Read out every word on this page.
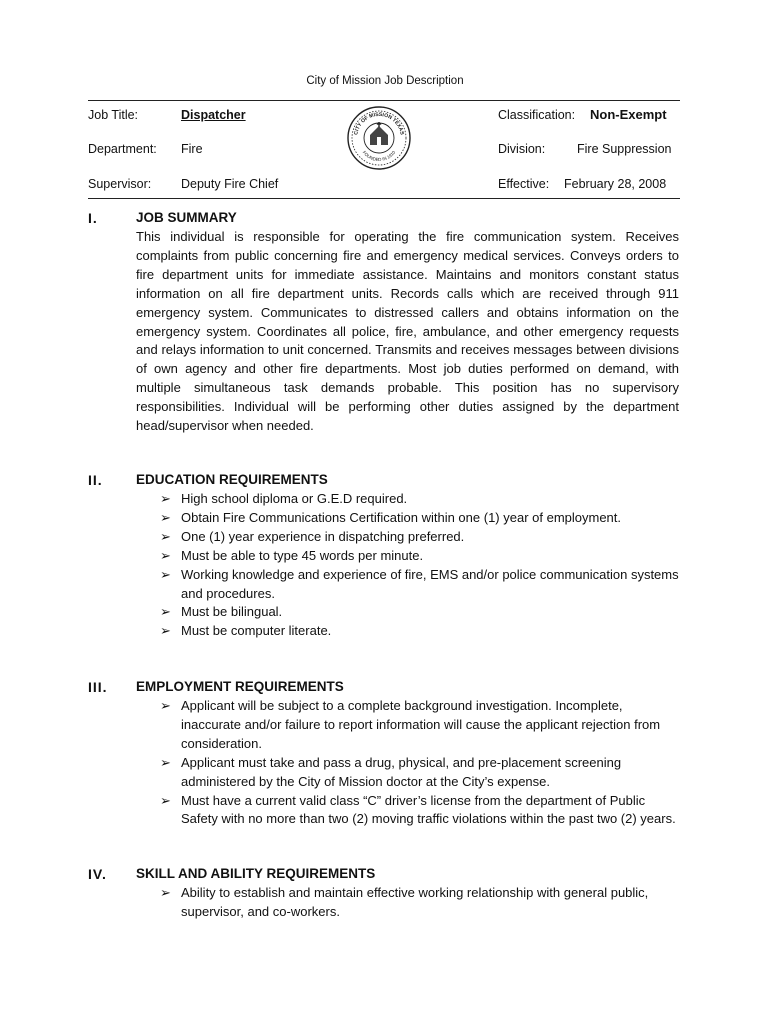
City of Mission Job Description
Job Title:	Dispatcher	Classification: Non-Exempt
Department: Fire	Division:	Fire Suppression
Supervisor: Deputy Fire Chief	Effective: February 28, 2008
CITY OF MISSION TEXAS
FOUNDED IN 1910
I.	JOB SUMMARY
This individual is responsible for operating the fire communication system. Receives complaints from public concerning fire and emergency medical services. Conveys orders to fire department units for immediate assistance. Maintains and monitors constant status information on all fire department units. Records calls which are received through 911 emergency system. Communicates to distressed callers and obtains information on the emergency system. Coordinates all police, fire, ambulance, and other emergency requests and relays information to unit concerned. Transmits and receives messages between divisions of own agency and other fire departments. Most job duties performed on demand, with multiple simultaneous task demands probable. This position has no supervisory responsibilities. Individual will be performing other duties assigned by the department head/supervisor when needed.
II. EDUCATION REQUIREMENTS
➢ High school diploma or G.E.D required.
➢ Obtain Fire Communications Certification within one (1) year of employment.
➢ One (1) year experience in dispatching preferred.
➢ Must be able to type 45 words per minute.
➢ Working knowledge and experience of fire, EMS and/or police communication systems and procedures.
➢ Must be bilingual.
➢ Must be computer literate.
III. EMPLOYMENT REQUIREMENTS
➢ Applicant will be subject to a complete background investigation. Incomplete, inaccurate and/or failure to report information will cause the applicant rejection from consideration.
➢ Applicant must take and pass a drug, physical, and pre-placement screening administered by the City of Mission doctor at the City’s expense.
➢ Must have a current valid class “C” driver’s license from the department of Public Safety with no more than two (2) moving traffic violations within the past two (2) years.
IV. SKILL AND ABILITY REQUIREMENTS
➢ Ability to establish and maintain effective working relationship with general public, supervisor, and co-workers.
